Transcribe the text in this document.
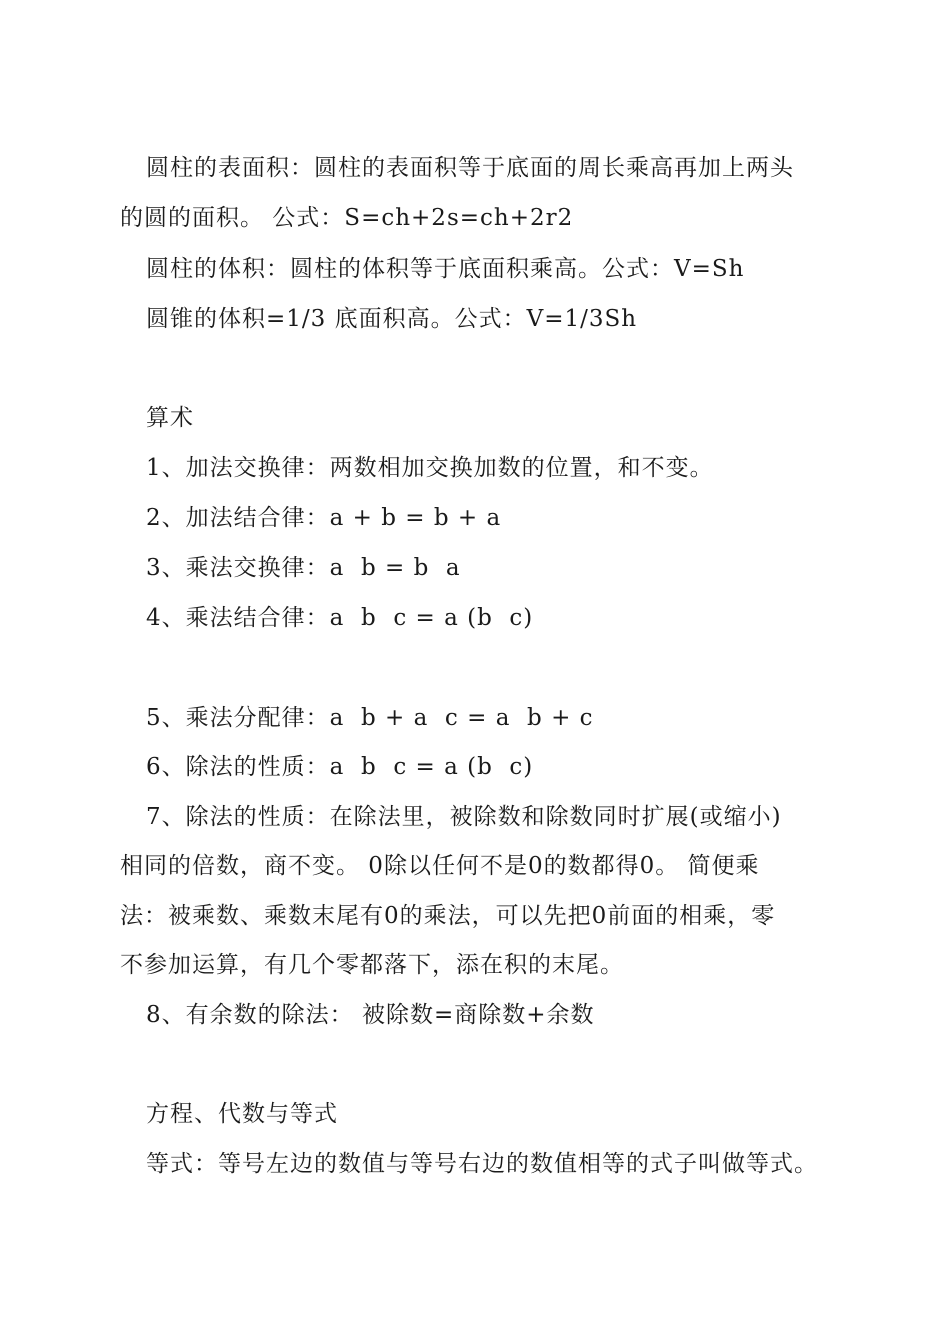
圆柱的表面积：圆柱的表面积等于底面的周长乘高再加上两头
的圆的面积。 公式：S=ch+2s=ch+2r2
圆柱的体积：圆柱的体积等于底面积乘高。公式：V=Sh
圆锥的体积=1/3 底面积高。公式：V=1/3Sh
算术
1、加法交换律：两数相加交换加数的位置，和不变。
2、加法结合律：a + b = b + a
3、乘法交换律：a  b = b  a
4、乘法结合律：a  b  c = a (b  c)
5、乘法分配律：a  b + a  c = a  b + c
6、除法的性质：a  b  c = a (b  c)
7、除法的性质：在除法里，被除数和除数同时扩展(或缩小)
相同的倍数，商不变。 0除以任何不是0的数都得0。 简便乘
法：被乘数、乘数末尾有0的乘法，可以先把0前面的相乘，零
不参加运算，有几个零都落下，添在积的末尾。
8、有余数的除法： 被除数=商除数+余数
方程、代数与等式
等式：等号左边的数值与等号右边的数值相等的式子叫做等式。
